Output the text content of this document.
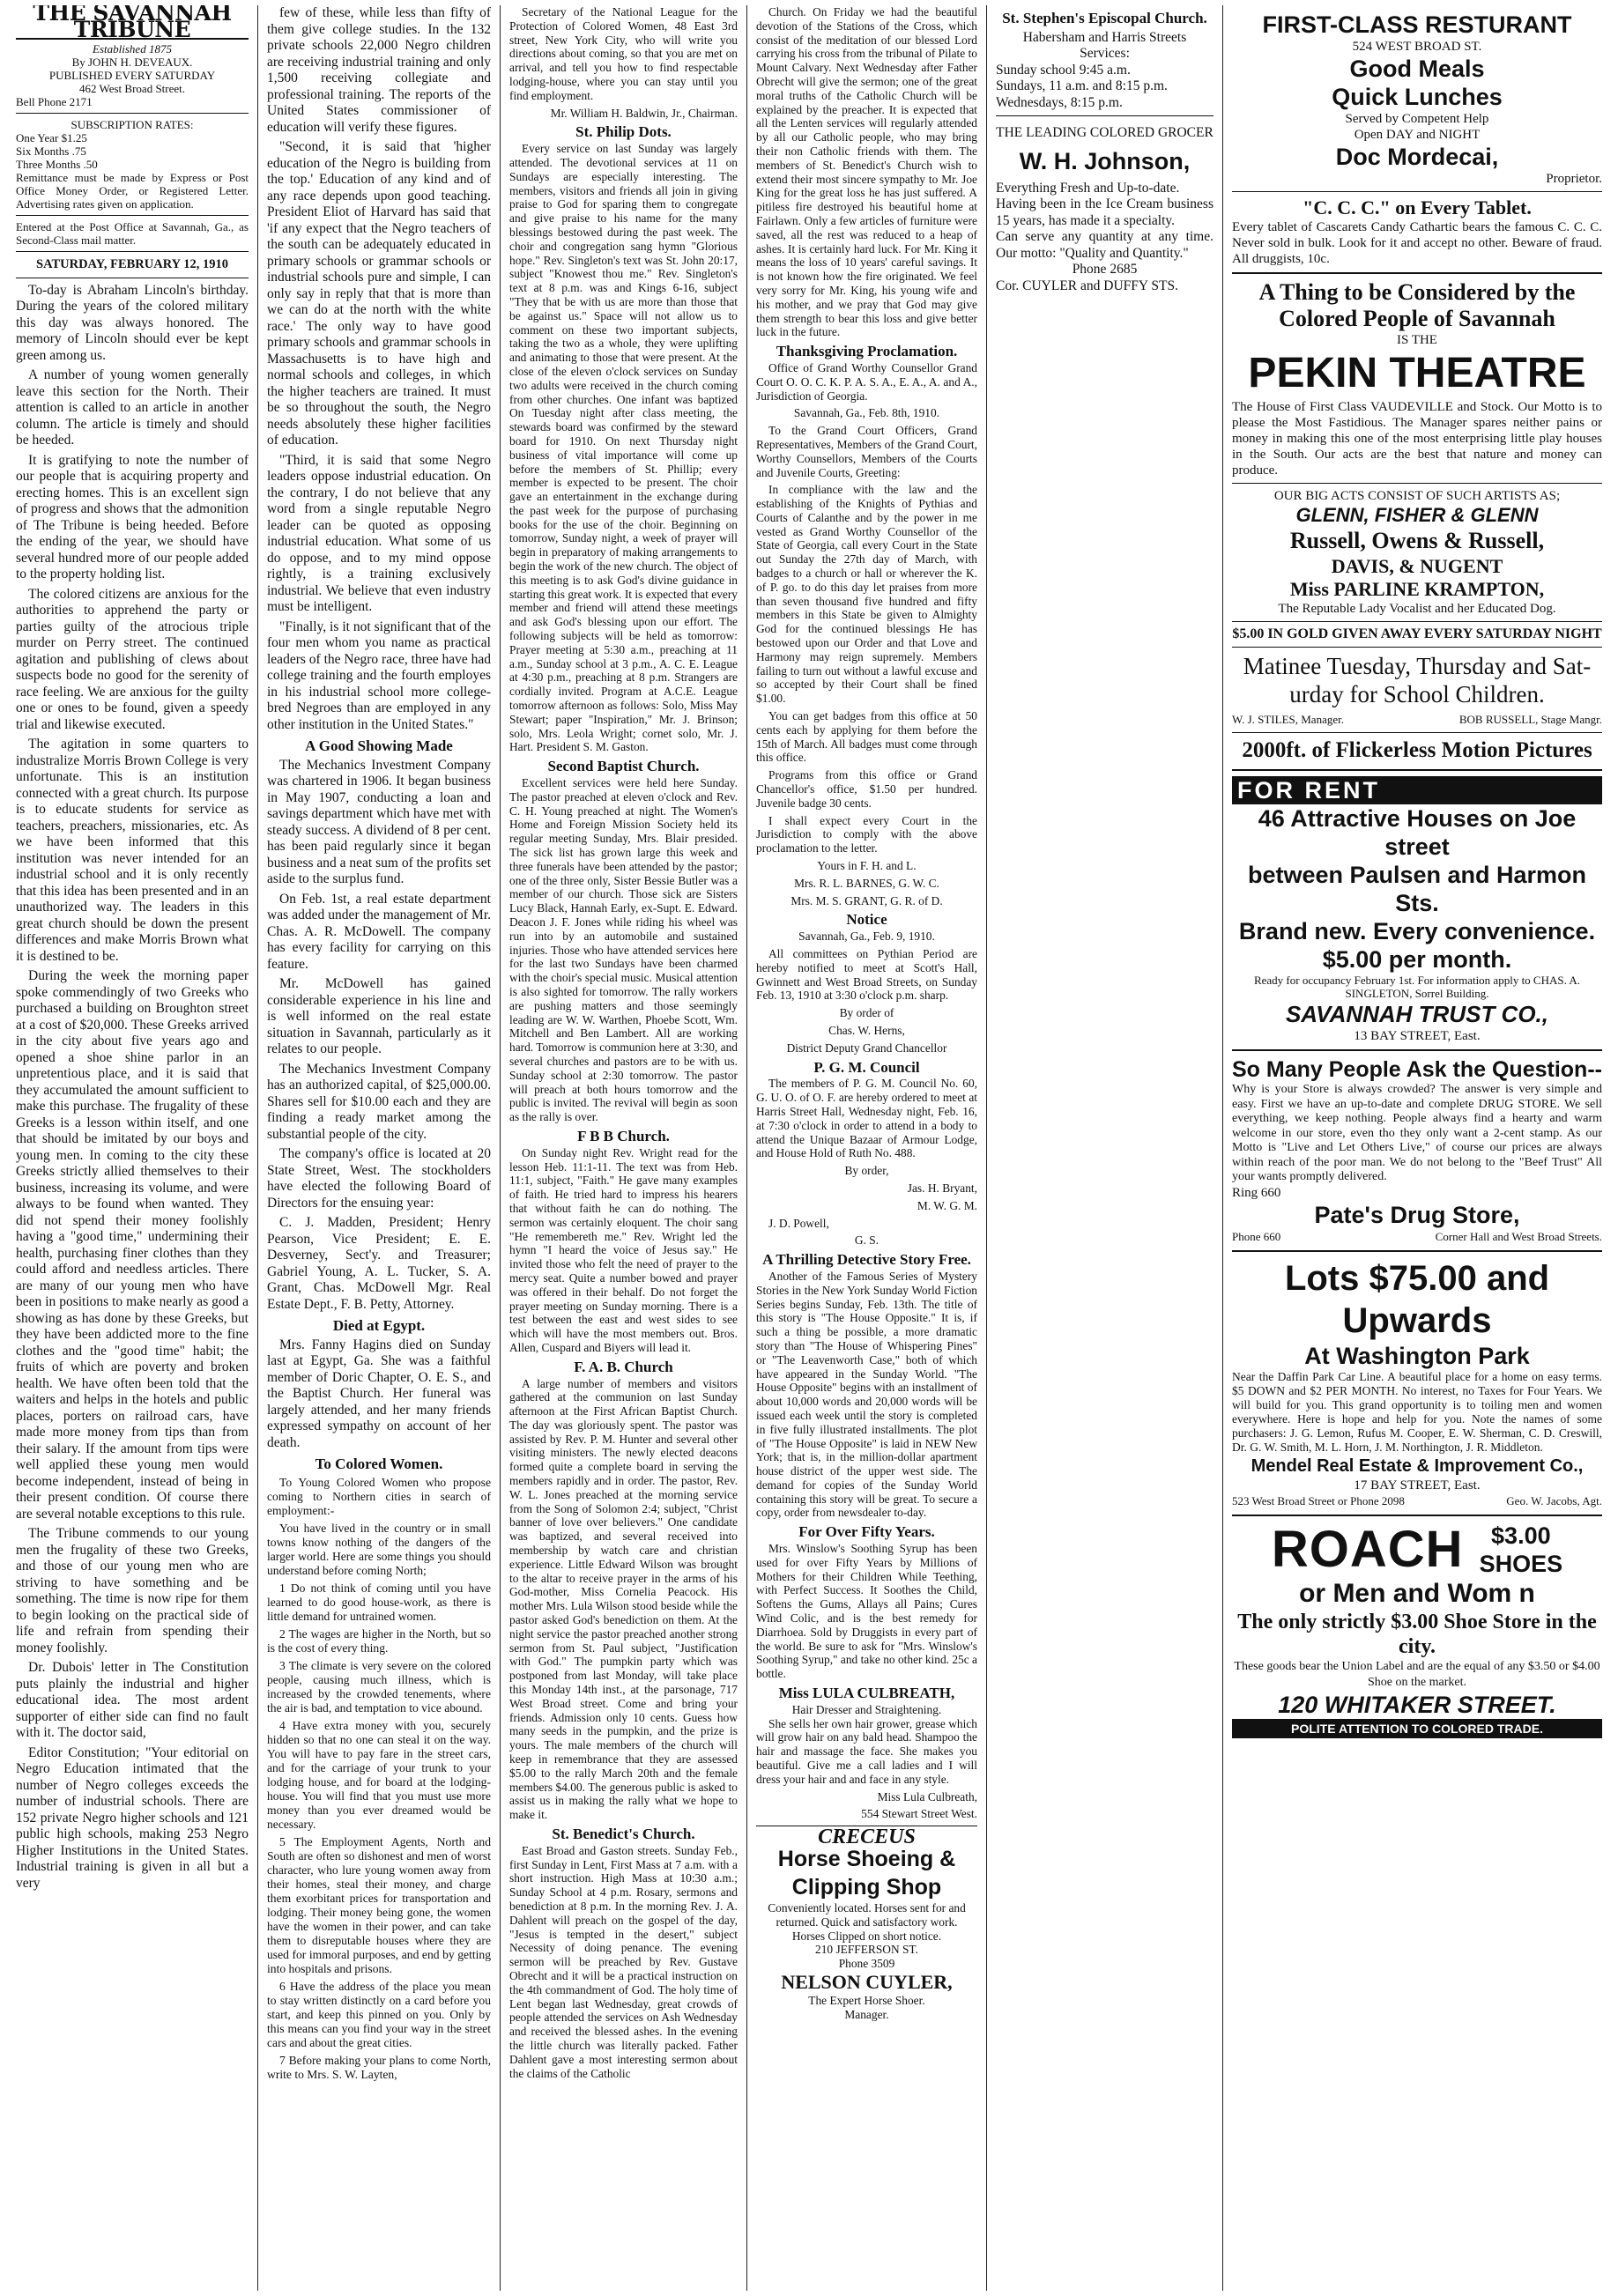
THE SAVANNAH TRIBUNE
Established 1875
By JOHN H. DEVEAUX.
PUBLISHED EVERY SATURDAY
462 West Broad Street.
Bell Phone 2171
SUBSCRIPTION RATES:
One Year $1.25
Six Months .75
Three Months .50
Remittance must be made by Express or Post Office Money Order, or Registered Letter. Advertising rates given on application.
Entered at the Post Office at Savannah, Ga., as Second-Class mail matter.
SATURDAY, FEBRUARY 12, 1910

To-day is Abraham Lincoln's birthday. During the years of the colored military this day was always honored. The memory of Lincoln should ever be kept green among us.

A number of young women generally leave this section for the North. Their attention is called to an article in another column. The article is timely and should be heeded.

It is gratifying to note the number of our people that is acquiring property and erecting homes. This is an excellent sign of progress and shows that the admonition of The Tribune is being heeded. Before the ending of the year, we should have several hundred more of our people added to the property holding list.

The colored citizens are anxious for the authorities to apprehend the party or parties guilty of the atrocious triple murder on Perry street. The continued agitation and publishing of clews about suspects bode no good for the serenity of race feeling. We are anxious for the guilty one or ones to be found, given a speedy trial and likewise executed.

The agitation in some quarters to industralize Morris Brown College is very unfortunate. This is an institution connected with a great church. Its purpose is to educate students for service as teachers, preachers, missionaries, etc. As we have been informed that this institution was never intended for an industrial school and it is only recently that this idea has been presented and in an unauthorized way. The leaders in this great church should be down the present differences and make Morris Brown what it is destined to be.

During the week the morning paper spoke commendingly of two Greeks who purchased a building on Broughton street at a cost of $20,000. These Greeks arrived in the city about five years ago and opened a shoe shine parlor in an unpretentious place, and it is said that they accumulated the amount sufficient to make this purchase. The frugality of these Greeks is a lesson within itself, and one that should be imitated by our boys and young men. In coming to the city these Greeks strictly allied themselves to their business, increasing its volume, and were always to be found when wanted. They did not spend their money foolishly having a "good time," undermining their health, purchasing finer clothes than they could afford and needless articles. There are many of our young men who have been in positions to make nearly as good a showing as has done by these Greeks, but they have been addicted more to the fine clothes and the "good time" habit; the fruits of which are poverty and broken health. We have often been told that the waiters and helps in the hotels and public places, porters on railroad cars, have made more money from tips than from their salary. If the amount from tips were well applied these young men would become independent, instead of being in their present condition. Of course there are several notable exceptions to this rule.

The Tribune commends to our young men the frugality of these two Greeks, and those of our young men who are striving to have something and be something. The time is now ripe for them to begin looking on the practical side of life and refrain from spending their money foolishly.

Dr. Dubois' letter in The Constitution puts plainly the industrial and higher educational idea. The most ardent supporter of either side can find no fault with it. The doctor said,

Editor Constitution; "Your editorial on Negro Education intimated that the number of Negro colleges exceeds the number of industrial schools. There are 152 private Negro higher schools and 121 public high schools, making 253 Negro Higher Institutions in the United States. Industrial training is given in all but a very

few of these, while less than fifty of them give college studies. In the 132 private schools 22,000 Negro children are receiving industrial training and only 1,500 receiving collegiate and professional training. The reports of the United States commissioner of education will verify these figures.

"Second, it is said that 'higher education of the Negro is building from the top.' Education of any kind and of any race depends upon good teaching. President Eliot of Harvard has said that 'if any expect that the Negro teachers of the south can be adequately educated in primary schools or grammar schools or industrial schools pure and simple, I can only say in reply that that is more than we can do at the north with the white race.' The only way to have good primary schools and grammar schools in Massachusetts is to have high and normal schools and colleges, in which the higher teachers are trained. It must be so throughout the south, the Negro needs absolutely these higher facilities of education.

"Third, it is said that some Negro leaders oppose industrial education. On the contrary, I do not believe that any word from a single reputable Negro leader can be quoted as opposing industrial education. What some of us do oppose, and to my mind oppose rightly, is a training exclusively industrial. We believe that even industry must be intelligent.

"Finally, is it not significant that of the four men whom you name as practical leaders of the Negro race, three have had college training and the fourth employes in his industrial school more college-bred Negroes than are employed in any other institution in the United States."

A Good Showing Made

The Mechanics Investment Company was chartered in 1906. It began business in May 1907, conducting a loan and savings department which have met with steady success. A dividend of 8 per cent. has been paid regularly since it began business and a neat sum of the profits set aside to the surplus fund.

On Feb. 1st, a real estate department was added under the management of Mr. Chas. A. R. McDowell. The company has every facility for carrying on this feature.

Mr. McDowell has gained considerable experience in his line and is well informed on the real estate situation in Savannah, particularly as it relates to our people.

The Mechanics Investment Company has an authorized capital, of $25,000.00. Shares sell for $10.00 each and they are finding a ready market among the substantial people of the city.

The company's office is located at 20 State Street, West. The stockholders have elected the following Board of Directors for the ensuing year:

C. J. Madden, President; Henry Pearson, Vice President; E. E. Desverney, Sect'y. and Treasurer; Gabriel Young, A. L. Tucker, S. A. Grant, Chas. McDowell Mgr. Real Estate Dept., F. B. Petty, Attorney.

Died at Egypt.

Mrs. Fanny Hagins died on Sunday last at Egypt, Ga. She was a faithful member of Doric Chapter, O. E. S., and the Baptist Church. Her funeral was largely attended, and her many friends expressed sympathy on account of her death.

To Colored Women.

To Young Colored Women who propose coming to Northern cities in search of employment:-

You have lived in the country or in small towns know nothing of the dangers of the larger world. Here are some things you should understand before coming North;

1 Do not think of coming until you have learned to do good house-work, as there is little demand for untrained women.

2 The wages are higher in the North, but so is the cost of every thing.

3 The climate is very severe on the colored people, causing much illness, which is increased by the crowded tenements, where the air is bad, and temptation to vice abound.

4 Have extra money with you, securely hidden so that no one can steal it on the way. You will have to pay fare in the street cars, and for the carriage of your trunk to your lodging house, and for board at the lodging-house. You will find that you must use more money than you ever dreamed would be necessary.

5 The Employment Agents, North and South are often so dishonest and men of worst character, who lure young women away from their homes, steal their money, and charge them exorbitant prices for transportation and lodging. Their money being gone, the women have the women in their power, and can take them to disreputable houses where they are used for immoral purposes, and end by getting into hospitals and prisons.

6 Have the address of the place you mean to stay written distinctly on a card before you start, and keep this pinned on you. Only by this means can you find your way in the street cars and about the great cities.

7 Before making your plans to come North, write to Mrs. S. W. Layten,

Secretary of the National League for the Protection of Colored Women, 48 East 3rd street, New York City, who will write you directions about coming, so that you are met on arrival, and tell you how to find respectable lodging-house, where you can stay until you find employment.

Mr. William H. Baldwin, Jr., Chairman.

St. Philip Dots.

Every service on last Sunday was largely attended. The devotional services at 11 on Sundays are especially interesting. The members, visitors and friends all join in giving praise to God for sparing them to congregate and give praise to his name for the many blessings bestowed during the past week. The choir and congregation sang hymn "Glorious hope." Rev. Singleton's text was St. John 20:17, subject "Knowest thou me." Rev. Singleton's text at 8 p.m. was and Kings 6-16, subject "They that be with us are more than those that be against us." Space will not allow us to comment on these two important subjects, taking the two as a whole, they were uplifting and animating to those that were present. At the close of the eleven o'clock services on Sunday two adults were received in the church coming from other churches. One infant was baptized On Tuesday night after class meeting, the stewards board was confirmed by the steward board for 1910. On next Thursday night business of vital importance will come up before the members of St. Phillip; every member is expected to be present. The choir gave an entertainment in the exchange during the past week for the purpose of purchasing books for the use of the choir. Beginning on tomorrow, Sunday night, a week of prayer will begin in preparatory of making arrangements to begin the work of the new church. The object of this meeting is to ask God's divine guidance in starting this great work. It is expected that every member and friend will attend these meetings and ask God's blessing upon our effort. The following subjects will be held as tomorrow: Prayer meeting at 5:30 a.m., preaching at 11 a.m., Sunday school at 3 p.m., A. C. E. League at 4:30 p.m., preaching at 8 p.m. Strangers are cordially invited. Program at A.C.E. League tomorrow afternoon as follows: Solo, Miss May Stewart; paper "Inspiration," Mr. J. Brinson; solo, Mrs. Leola Wright; cornet solo, Mr. J. Hart. President S. M. Gaston.

Second Baptist Church.

Excellent services were held here Sunday. The pastor preached at eleven o'clock and Rev. C. H. Young preached at night. The Women's Home and Foreign Mission Society held its regular meeting Sunday, Mrs. Blair presided. The sick list has grown large this week and three funerals have been attended by the pastor; one of the three only, Sister Bessie Butler was a member of our church. Those sick are Sisters Lucy Black, Hannah Early, ex-Supt. E. Edward. Deacon J. F. Jones while riding his wheel was run into by an automobile and sustained injuries. Those who have attended services here for the last two Sundays have been charmed with the choir's special music. Musical attention is also sighted for tomorrow. The rally workers are pushing matters and those seemingly leading are W. W. Warthen, Phoebe Scott, Wm. Mitchell and Ben Lambert. All are working hard. Tomorrow is communion here at 3:30, and several churches and pastors are to be with us. Sunday school at 2:30 tomorrow. The pastor will preach at both hours tomorrow and the public is invited. The revival will begin as soon as the rally is over.

F B B Church.

On Sunday night Rev. Wright read for the lesson Heb. 11:1-11. The text was from Heb. 11:1, subject, "Faith." He gave many examples of faith. He tried hard to impress his hearers that without faith he can do nothing. The sermon was certainly eloquent. The choir sang "He remembereth me." Rev. Wright led the hymn "I heard the voice of Jesus say." He invited those who felt the need of prayer to the mercy seat. Quite a number bowed and prayer was offered in their behalf. Do not forget the prayer meeting on Sunday morning. There is a test between the east and west sides to see which will have the most members out. Bros. Allen, Cuspard and Biyers will lead it.

F. A. B. Church

A large number of members and visitors gathered at the communion on last Sunday afternoon at the First African Baptist Church. The day was gloriously spent. The pastor was assisted by Rev. P. M. Hunter and several other visiting ministers. The newly elected deacons formed quite a complete board in serving the members rapidly and in order. The pastor, Rev. W. L. Jones preached at the morning service from the Song of Solomon 2:4; subject, "Christ banner of love over believers." One candidate was baptized, and several received into membership by watch care and christian experience. Little Edward Wilson was brought to the altar to receive prayer in the arms of his God-mother, Miss Cornelia Peacock. His mother Mrs. Lula Wilson stood beside while the pastor asked God's benediction on them. At the night service the pastor preached another strong sermon from St. Paul subject, "Justification with God." The pumpkin party which was postponed from last Monday, will take place this Monday 14th inst., at the parsonage, 717 West Broad street. Come and bring your friends. Admission only 10 cents. Guess how many seeds in the pumpkin, and the prize is yours. The male members of the church will keep in remembrance that they are assessed $5.00 to the rally March 20th and the female members $4.00. The generous public is asked to assist us in making the rally what we hope to make it.

St. Benedict's Church.

East Broad and Gaston streets. Sunday Feb., first Sunday in Lent, First Mass at 7 a.m. with a short instruction. High Mass at 10:30 a.m.; Sunday School at 4 p.m. Rosary, sermons and benediction at 8 p.m. In the morning Rev. J. A. Dahlent will preach on the gospel of the day, "Jesus is tempted in the desert," subject Necessity of doing penance. The evening sermon will be preached by Rev. Gustave Obrecht and it will be a practical instruction on the 4th commandment of God. The holy time of Lent began last Wednesday, great crowds of people attended the services on Ash Wednesday and received the blessed ashes. In the evening the little church was literally packed. Father Dahlent gave a most interesting sermon about the claims of the Catholic

Church. On Friday we had the beautiful devotion of the Stations of the Cross, which consist of the meditation of our blessed Lord carrying his cross from the tribunal of Pilate to Mount Calvary. Next Wednesday after Father Obrecht will give the sermon; one of the great moral truths of the Catholic Church will be explained by the preacher. It is expected that all the Lenten services will regularly attended by all our Catholic people, who may bring their non Catholic friends with them. The members of St. Benedict's Church wish to extend their most sincere sympathy to Mr. Joe King for the great loss he has just suffered. A pitiless fire destroyed his beautiful home at Fairlawn. Only a few articles of furniture were saved, all the rest was reduced to a heap of ashes. It is certainly hard luck. For Mr. King it means the loss of 10 years' careful savings. It is not known how the fire originated. We feel very sorry for Mr. King, his young wife and his mother, and we pray that God may give them strength to bear this loss and give better luck in the future.

Thanksgiving Proclamation.

Office of Grand Worthy Counsellor Grand Court O. O. C. K. P. A. S. A., E. A., A. and A., Jurisdiction of Georgia.

Savannah, Ga., Feb. 8th, 1910.

To the Grand Court Officers, Grand Representatives, Members of the Grand Court, Worthy Counsellors, Members of the Courts and Juvenile Courts, Greeting:

In compliance with the law and the establishing of the Knights of Pythias and Courts of Calanthe and by the power in me vested as Grand Worthy Counsellor of the State of Georgia, call every Court in the State out Sunday the 27th day of March, with badges to a church or hall or wherever the K. of P. go. to do this day let praises from more than seven thousand five hundred and fifty members in this State be given to Almighty God for the continued blessings He has bestowed upon our Order and that Love and Harmony may reign supremely. Members failing to turn out without a lawful excuse and so accepted by their Court shall be fined $1.00.

You can get badges from this office at 50 cents each by applying for them before the 15th of March. All badges must come through this office.

Programs from this office or Grand Chancellor's office, $1.50 per hundred. Juvenile badge 30 cents.

I shall expect every Court in the Jurisdiction to comply with the above proclamation to the letter.

Yours in F. H. and L.

Mrs. R. L. BARNES, G. W. C.

Mrs. M. S. GRANT, G. R. of D.

Notice

Savannah, Ga., Feb. 9, 1910.

All committees on Pythian Period are hereby notified to meet at Scott's Hall, Gwinnett and West Broad Streets, on Sunday Feb. 13, 1910 at 3:30 o'clock p.m. sharp.

By order of

Chas. W. Herns,

District Deputy Grand Chancellor

P. G. M. Council

The members of P. G. M. Council No. 60, G. U. O. of O. F. are hereby ordered to meet at Harris Street Hall, Wednesday night, Feb. 16, at 7:30 o'clock in order to attend in a body to attend the Unique Bazaar of Armour Lodge, and House Hold of Ruth No. 488.

By order,

Jas. H. Bryant,

M. W. G. M.

J. D. Powell,

G. S.

A Thrilling Detective Story Free.

Another of the Famous Series of Mystery Stories in the New York Sunday World Fiction Series begins Sunday, Feb. 13th. The title of this story is "The House Opposite." It is, if such a thing be possible, a more dramatic story than "The House of Whispering Pines" or "The Leavenworth Case," both of which have appeared in the Sunday World. "The House Opposite" begins with an installment of about 10,000 words and 20,000 words will be issued each week until the story is completed in five fully illustrated installments. The plot of "The House Opposite" is laid in NEW New York; that is, in the million-dollar apartment house district of the upper west side. The demand for copies of the Sunday World containing this story will be great. To secure a copy, order from newsdealer to-day.

For Over Fifty Years.

Mrs. Winslow's Soothing Syrup has been used for over Fifty Years by Millions of Mothers for their Children While Teething, with Perfect Success. It Soothes the Child, Softens the Gums, Allays all Pains; Cures Wind Colic, and is the best remedy for Diarrhoea. Sold by Druggists in every part of the world. Be sure to ask for "Mrs. Winslow's Soothing Syrup," and take no other kind. 25c a bottle.

Miss LULA CULBREATH,
Hair Dresser and Straightening.

She sells her own hair grower, grease which will grow hair on any bald head. Shampoo the hair and massage the face. She makes you beautiful. Give me a call ladies and I will dress your hair and and face in any style.

Miss Lula Culbreath,

554 Stewart Street West.

CRECEUS
Horse Shoeing &
Clipping Shop
Conveniently located. Horses sent for and returned. Quick and satisfactory work.
Horses Clipped on short notice.
210 JEFFERSON ST.
Phone 3509
NELSON CUYLER,
The Expert Horse Shoer.
Manager.
St. Stephen's Episcopal Church.
Habersham and Harris Streets
Services:
Sunday school 9:45 a.m.
Sundays, 11 a.m. and 8:15 p.m.
Wednesdays, 8:15 p.m.
THE LEADING COLORED GROCER
W. H. Johnson,
Everything Fresh and Up-to-date.
Having been in the Ice Cream business 15 years, has made it a specialty.
Can serve any quantity at any time. Our motto: "Quality and Quantity."
Phone 2685
Cor. CUYLER and DUFFY STS.
FIRST-CLASS RESTURANT
524 WEST BROAD ST.
Good Meals
Quick Lunches
Served by Competent Help
Open DAY and NIGHT
Doc Mordecai,
Proprietor.
"C. C. C." on Every Tablet.
Every tablet of Cascarets Candy Cathartic bears the famous C. C. C. Never sold in bulk. Look for it and accept no other. Beware of fraud. All druggists, 10c.
A Thing to be Considered by the
Colored People of Savannah
IS THE
PEKIN THEATRE
The House of First Class VAUDEVILLE and Stock. Our Motto is to please the Most Fastidious. The Manager spares neither pains or money in making this one of the most enterprising little play houses in the South. Our acts are the best that nature and money can produce.
OUR BIG ACTS CONSIST OF SUCH ARTISTS AS;
GLENN, FISHER & GLENN
Russell, Owens & Russell,
DAVIS, & NUGENT
Miss PARLINE KRAMPTON,
The Reputable Lady Vocalist and her Educated Dog.
$5.00 IN GOLD GIVEN AWAY EVERY SATURDAY NIGHT
Matinee Tuesday, Thursday and Sat-
urday for School Children.
W. J. STILES, Manager.	BOB RUSSELL, Stage Mangr.
2000ft. of Flickerless Motion Pictures
FOR RENT
46 Attractive Houses on Joe street
between Paulsen and Harmon Sts.
Brand new. Every convenience.
$5.00 per month.
Ready for occupancy February 1st. For information apply to CHAS. A. SINGLETON, Sorrel Building.
SAVANNAH TRUST CO.,
13 BAY STREET, East.
So Many People Ask the Question--
Why is your Store is always crowded? The answer is very simple and easy. First we have an up-to-date and complete DRUG STORE. We sell everything, we keep nothing. People always find a hearty and warm welcome in our store, even tho they only want a 2-cent stamp. As our Motto is "Live and Let Others Live," of course our prices are always within reach of the poor man. We do not belong to the "Beef Trust" All your wants promptly delivered.
Ring 660
Pate's Drug Store,
Phone 660	Corner Hall and West Broad Streets.
Lots $75.00 and Upwards
At Washington Park
Near the Daffin Park Car Line. A beautiful place for a home on easy terms. $5 DOWN and $2 PER MONTH. No interest, no Taxes for Four Years. We will build for you. This grand opportunity is to toiling men and women everywhere. Here is hope and help for you. Note the names of some purchasers: J. G. Lemon, Rufus M. Cooper, E. W. Sherman, C. D. Creswill, Dr. G. W. Smith, M. L. Horn, J. M. Northington, J. R. Middleton.
Mendel Real Estate & Improvement Co.,
17 BAY STREET, East.
523 West Broad Street or Phone 2098	Geo. W. Jacobs, Agt.
ROACH	$3.00
SHOES
or Men and Wom n
The only strictly $3.00 Shoe Store in the city.
These goods bear the Union Label and are the equal of any $3.50 or $4.00 Shoe on the market.
120 WHITAKER STREET.
POLITE ATTENTION TO COLORED TRADE.
